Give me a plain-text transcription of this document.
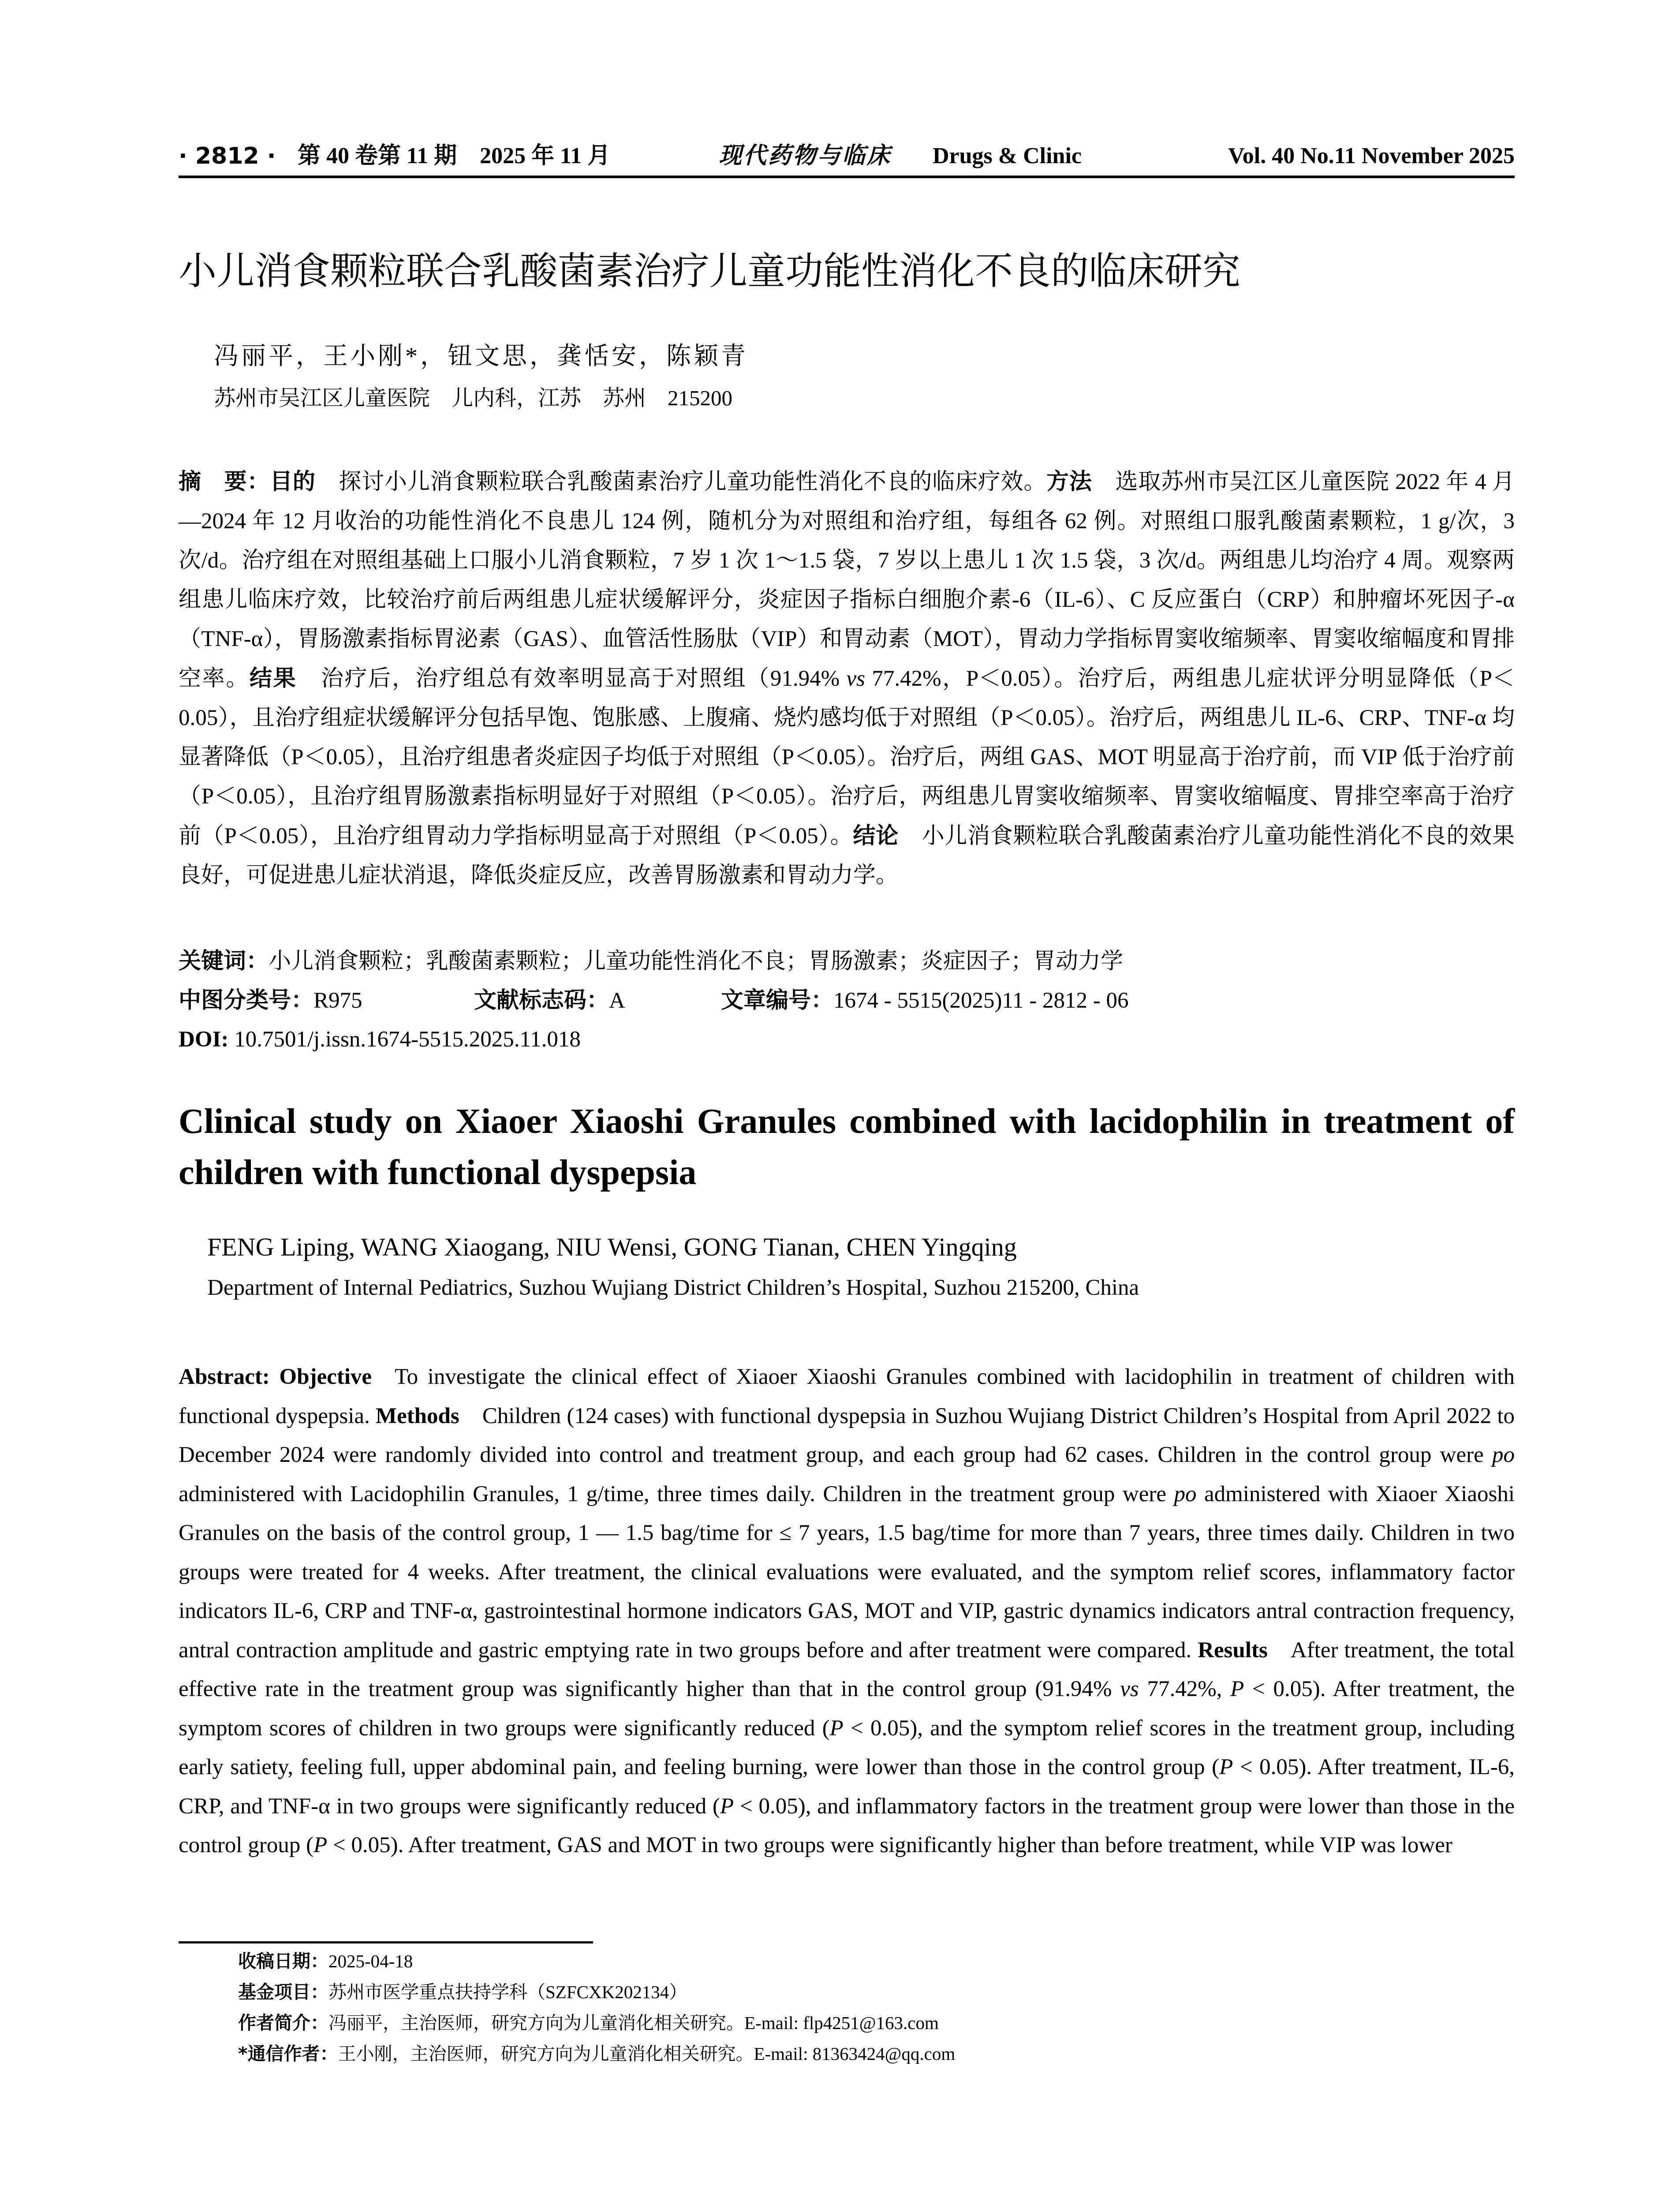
· 2812 · 第 40 卷第 11 期　2025 年 11 月	现代药物与临床 Drugs & Clinic	Vol. 40 No.11 November 2025
小儿消食颗粒联合乳酸菌素治疗儿童功能性消化不良的临床研究
冯丽平，王小刚*，钮文思，龚恬安，陈颖青
苏州市吴江区儿童医院　儿内科，江苏　苏州　215200
摘　要：目的 探讨小儿消食颗粒联合乳酸菌素治疗儿童功能性消化不良的临床疗效。方法 选取苏州市吴江区儿童医院 2022 年 4 月—2024 年 12 月收治的功能性消化不良患儿 124 例，随机分为对照组和治疗组，每组各 62 例。对照组口服乳酸菌素颗粒，1 g/次，3 次/d。治疗组在对照组基础上口服小儿消食颗粒，7 岁 1 次 1～1.5 袋，7 岁以上患儿 1 次 1.5 袋，3 次/d。两组患儿均治疗 4 周。观察两组患儿临床疗效，比较治疗前后两组患儿症状缓解评分，炎症因子指标白细胞介素-6（IL-6）、C 反应蛋白（CRP）和肿瘤坏死因子-α（TNF-α），胃肠激素指标胃泌素（GAS）、血管活性肠肽（VIP）和胃动素（MOT），胃动力学指标胃窦收缩频率、胃窦收缩幅度和胃排空率。结果 治疗后，治疗组总有效率明显高于对照组（91.94% vs 77.42%，P＜0.05）。治疗后，两组患儿症状评分明显降低（P＜0.05），且治疗组症状缓解评分包括早饱、饱胀感、上腹痛、烧灼感均低于对照组（P＜0.05）。治疗后，两组患儿 IL-6、CRP、TNF-α 均显著降低（P＜0.05），且治疗组患者炎症因子均低于对照组（P＜0.05）。治疗后，两组 GAS、MOT 明显高于治疗前，而 VIP 低于治疗前（P＜0.05），且治疗组胃肠激素指标明显好于对照组（P＜0.05）。治疗后，两组患儿胃窦收缩频率、胃窦收缩幅度、胃排空率高于治疗前（P＜0.05），且治疗组胃动力学指标明显高于对照组（P＜0.05）。结论 小儿消食颗粒联合乳酸菌素治疗儿童功能性消化不良的效果良好，可促进患儿症状消退，降低炎症反应，改善胃肠激素和胃动力学。
关键词：小儿消食颗粒；乳酸菌素颗粒；儿童功能性消化不良；胃肠激素；炎症因子；胃动力学
中图分类号：R975	文献标志码：A	文章编号：1674 - 5515(2025)11 - 2812 - 06
DOI: 10.7501/j.issn.1674-5515.2025.11.018
Clinical study on Xiaoer Xiaoshi Granules combined with lacidophilin in treatment of children with functional dyspepsia
FENG Liping, WANG Xiaogang, NIU Wensi, GONG Tianan, CHEN Yingqing
Department of Internal Pediatrics, Suzhou Wujiang District Children’s Hospital, Suzhou 215200, China
Abstract: Objective To investigate the clinical effect of Xiaoer Xiaoshi Granules combined with lacidophilin in treatment of children with functional dyspepsia. Methods Children (124 cases) with functional dyspepsia in Suzhou Wujiang District Children’s Hospital from April 2022 to December 2024 were randomly divided into control and treatment group, and each group had 62 cases. Children in the control group were po administered with Lacidophilin Granules, 1 g/time, three times daily. Children in the treatment group were po administered with Xiaoer Xiaoshi Granules on the basis of the control group, 1 — 1.5 bag/time for ≤ 7 years, 1.5 bag/time for more than 7 years, three times daily. Children in two groups were treated for 4 weeks. After treatment, the clinical evaluations were evaluated, and the symptom relief scores, inflammatory factor indicators IL-6, CRP and TNF-α, gastrointestinal hormone indicators GAS, MOT and VIP, gastric dynamics indicators antral contraction frequency, antral contraction amplitude and gastric emptying rate in two groups before and after treatment were compared. Results After treatment, the total effective rate in the treatment group was significantly higher than that in the control group (91.94% vs 77.42%, P < 0.05). After treatment, the symptom scores of children in two groups were significantly reduced (P < 0.05), and the symptom relief scores in the treatment group, including early satiety, feeling full, upper abdominal pain, and feeling burning, were lower than those in the control group (P < 0.05). After treatment, IL-6, CRP, and TNF-α in two groups were significantly reduced (P < 0.05), and inflammatory factors in the treatment group were lower than those in the control group (P < 0.05). After treatment, GAS and MOT in two groups were significantly higher than before treatment, while VIP was lower
收稿日期：2025-04-18
基金项目：苏州市医学重点扶持学科（SZFCXK202134）
作者简介：冯丽平，主治医师，研究方向为儿童消化相关研究。E-mail: flp4251@163.com
*通信作者：王小刚，主治医师，研究方向为儿童消化相关研究。E-mail: 81363424@qq.com
